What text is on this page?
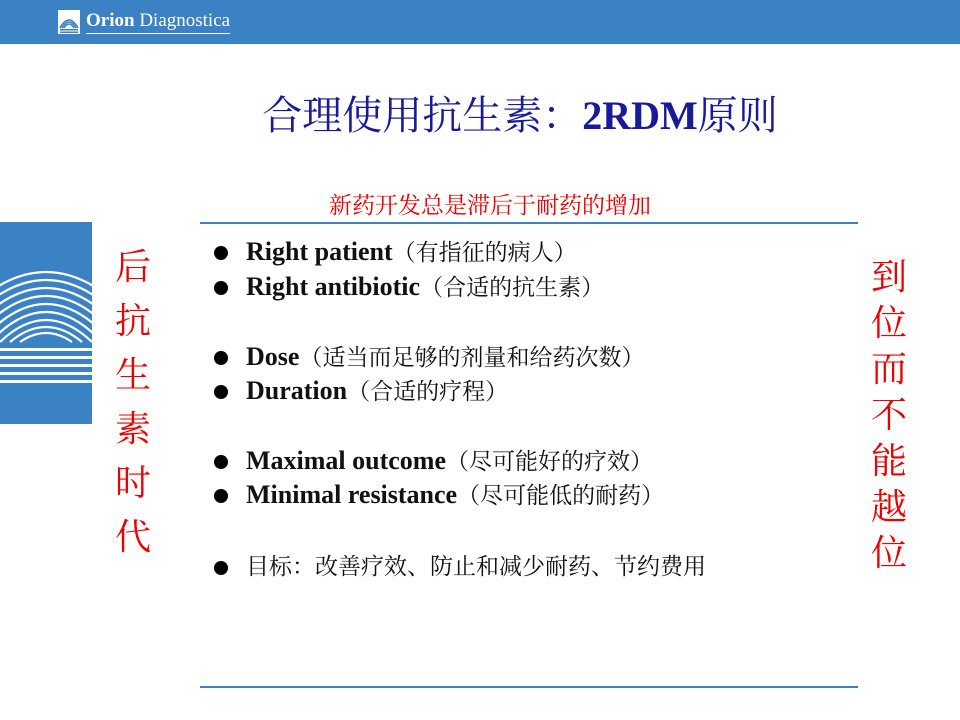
Orion Diagnostica
合理使用抗生素：2RDM原则
新药开发总是滞后于耐药的增加
后抗生素时代
到位而不能越位
Right patient（有指征的病人）
Right antibiotic（合适的抗生素）
Dose（适当而足够的剂量和给药次数）
Duration（合适的疗程）
Maximal outcome（尽可能好的疗效）
Minimal resistance（尽可能低的耐药）
目标：改善疗效、防止和减少耐药、节约费用
